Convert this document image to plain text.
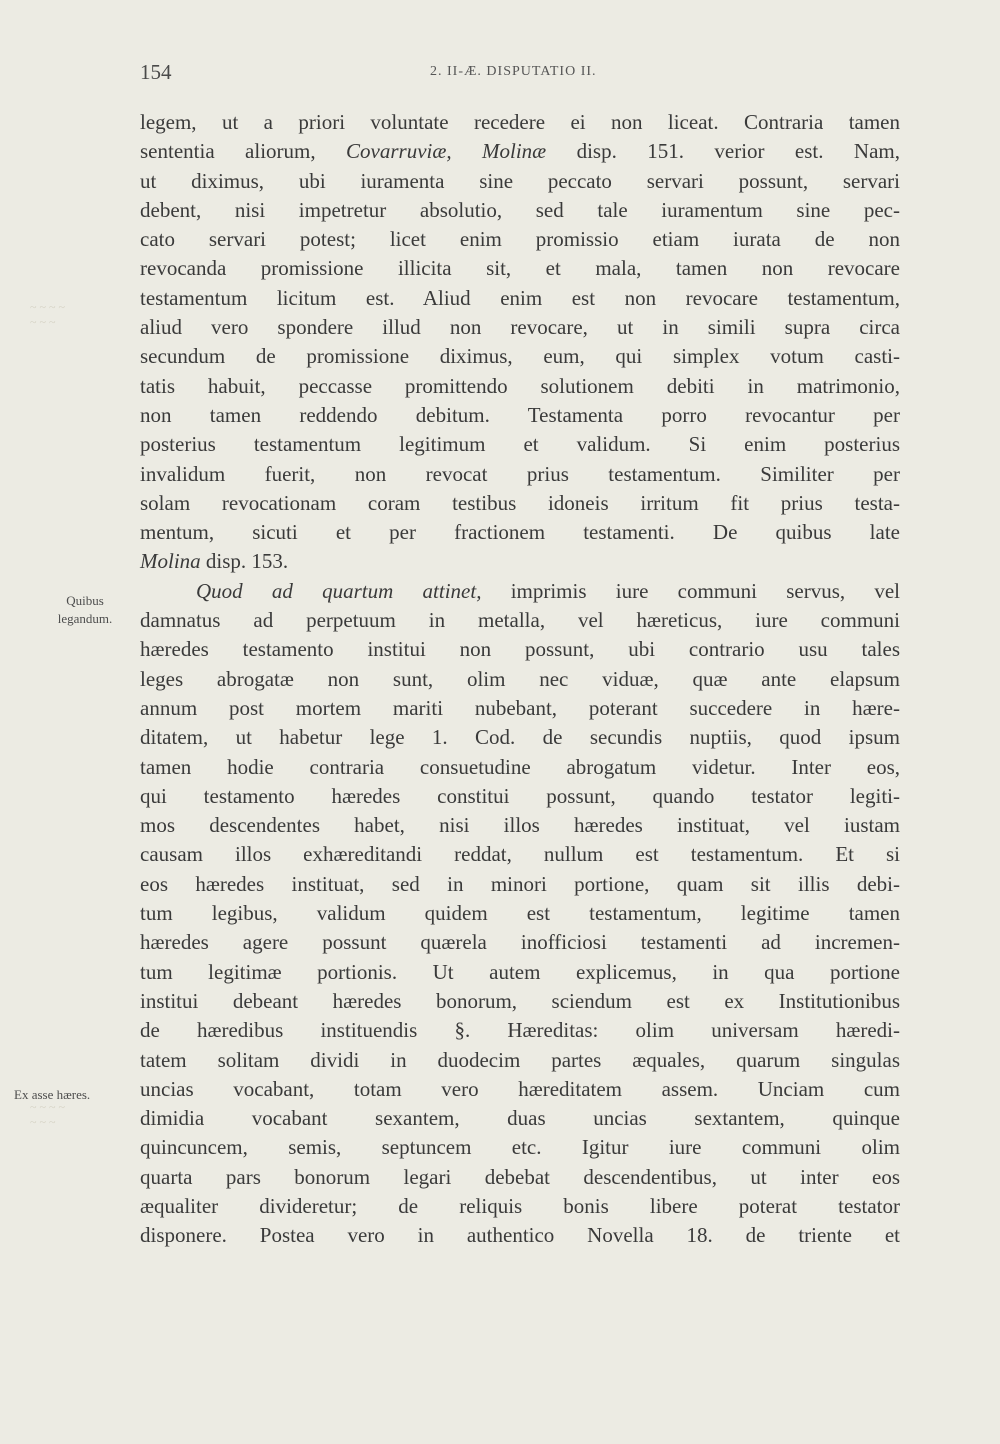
~ ~ ~ ~
~ ~ ~
~ ~ ~ ~
~ ~ ~
154	2. II-Æ. DISPUTATIO II.
Quibus
legandum.
Ex asse hæres.
legem, ut a priori voluntate recedere ei non liceat. Contraria tamen
sententia aliorum, Covarruviæ, Molinæ disp. 151. verior est. Nam,
ut diximus, ubi iuramenta sine peccato servari possunt, servari
debent, nisi impetretur absolutio, sed tale iuramentum sine pec-
cato servari potest; licet enim promissio etiam iurata de non
revocanda promissione illicita sit, et mala, tamen non revocare
testamentum licitum est. Aliud enim est non revocare testamentum,
aliud vero spondere illud non revocare, ut in simili supra circa
secundum de promissione diximus, eum, qui simplex votum casti-
tatis habuit, peccasse promittendo solutionem debiti in matrimonio,
non tamen reddendo debitum. Testamenta porro revocantur per
posterius testamentum legitimum et validum. Si enim posterius
invalidum fuerit, non revocat prius testamentum. Similiter per
solam revocationam coram testibus idoneis irritum fit prius testa-
mentum, sicuti et per fractionem testamenti. De quibus late
Molina disp. 153.
Quod ad quartum attinet, imprimis iure communi servus, vel
damnatus ad perpetuum in metalla, vel hæreticus, iure communi
hæredes testamento institui non possunt, ubi contrario usu tales
leges abrogatæ non sunt, olim nec viduæ, quæ ante elapsum
annum post mortem mariti nubebant, poterant succedere in hære-
ditatem, ut habetur lege 1. Cod. de secundis nuptiis, quod ipsum
tamen hodie contraria consuetudine abrogatum videtur. Inter eos,
qui testamento hæredes constitui possunt, quando testator legiti-
mos descendentes habet, nisi illos hæredes instituat, vel iustam
causam illos exhæreditandi reddat, nullum est testamentum. Et si
eos hæredes instituat, sed in minori portione, quam sit illis debi-
tum legibus, validum quidem est testamentum, legitime tamen
hæredes agere possunt quærela inofficiosi testamenti ad incremen-
tum legitimæ portionis. Ut autem explicemus, in qua portione
institui debeant hæredes bonorum, sciendum est ex Institutionibus
de hæredibus instituendis §. Hæreditas: olim universam hæredi-
tatem solitam dividi in duodecim partes æquales, quarum singulas
uncias vocabant, totam vero hæreditatem assem. Unciam cum
dimidia vocabant sexantem, duas uncias sextantem, quinque
quincuncem, semis, septuncem etc. Igitur iure communi olim
quarta pars bonorum legari debebat descendentibus, ut inter eos
æqualiter divideretur; de reliquis bonis libere poterat testator
disponere. Postea vero in authentico Novella 18. de triente et
